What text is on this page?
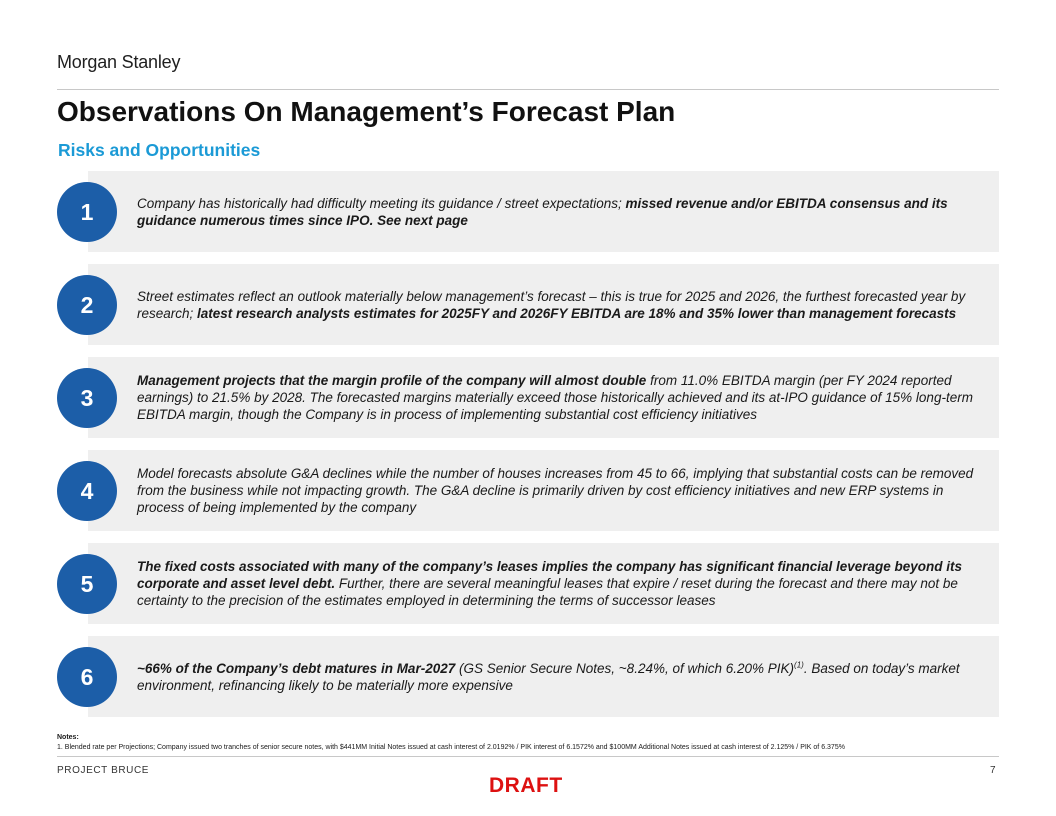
Morgan Stanley
Observations On Management’s Forecast Plan
Risks and Opportunities
1	Company has historically had difficulty meeting its guidance / street expectations; missed revenue and/or EBITDA consensus and its guidance numerous times since IPO. See next page

2	Street estimates reflect an outlook materially below management’s forecast – this is true for 2025 and 2026, the furthest forecasted year by research; latest research analysts estimates for 2025FY and 2026FY EBITDA are 18% and 35% lower than management forecasts

3

Management projects that the margin profile of the company will almost double from 11.0% EBITDA margin (per FY 2024 reported earnings) to 21.5% by 2028. The forecasted margins materially exceed those historically achieved and its at-IPO guidance of 15% long-term EBITDA margin, though the Company is in process of implementing substantial cost efficiency initiatives

4

Model forecasts absolute G&A declines while the number of houses increases from 45 to 66, implying that substantial costs can be removed from the business while not impacting growth. The G&A decline is primarily driven by cost efficiency initiatives and new ERP systems in process of being implemented by the company

5

The fixed costs associated with many of the company’s leases implies the company has significant financial leverage beyond its corporate and asset level debt. Further, there are several meaningful leases that expire / reset during the forecast and there may not be certainty to the precision of the estimates employed in determining the terms of successor leases

6	~66% of the Company’s debt matures in Mar-2027 (GS Senior Secure Notes, ~8.24%, of which 6.20% PIK)$^{(1)}$. Based on today’s market environment, refinancing likely to be materially more expensive

Notes:
1. Blended rate per Projections; Company issued two tranches of senior secure notes, with $441MM Initial Notes issued at cash interest of 2.0192% / PIK interest of 6.1572% and $100MM Additional Notes issued at cash interest of 2.125% / PIK of 6.375%
PROJECT BRUCE	7
DRAFT
